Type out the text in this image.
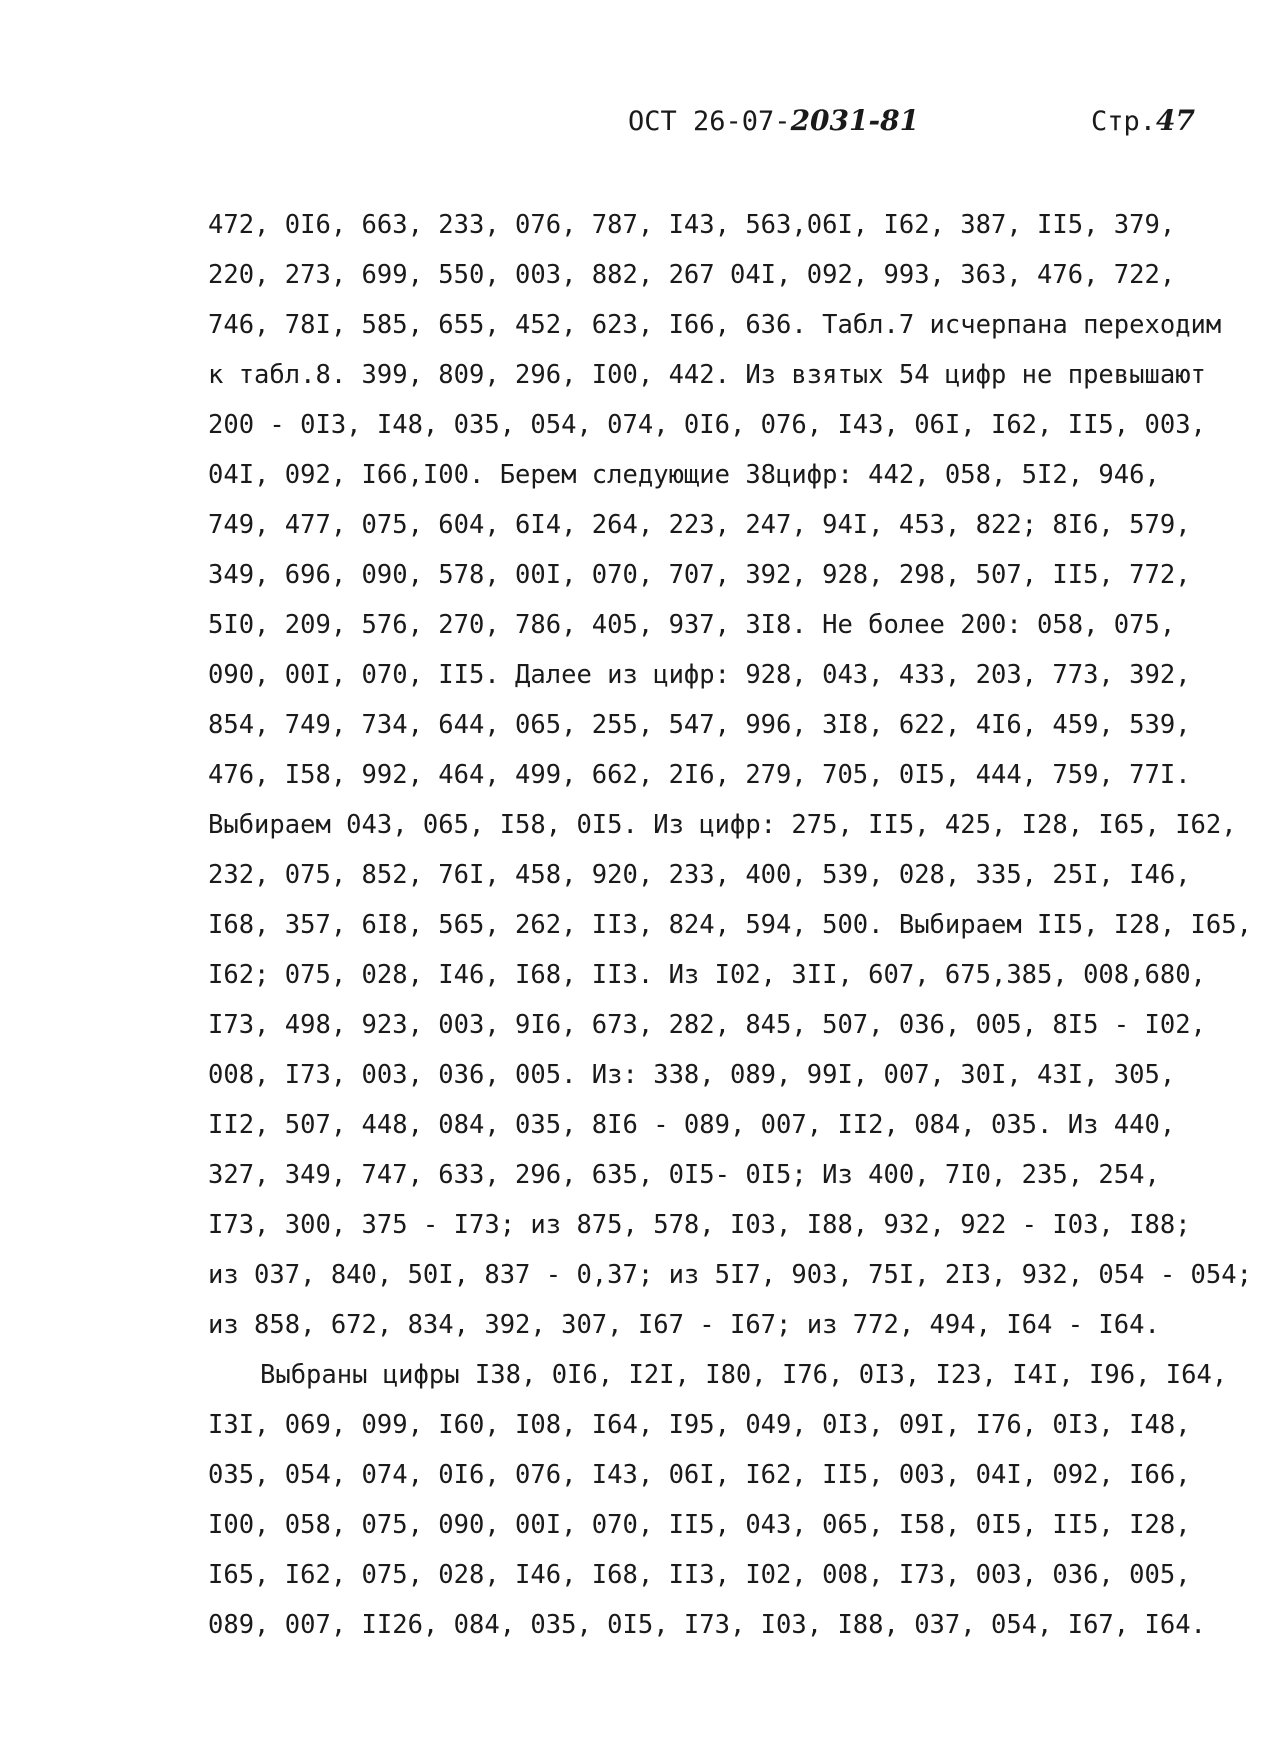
ОСТ 26-07-2031-81	Стр.47
472, 0I6, 663, 233, 076, 787, I43, 563,06I, I62, 387, II5, 379,
220, 273, 699, 550, 003, 882, 267 04I, 092, 993, 363, 476, 722,
746, 78I, 585, 655, 452, 623, I66, 636. Табл.7 исчерпана переходим
к табл.8. 399, 809, 296, I00, 442. Из взятых 54 цифр не превышают
200 - 0I3, I48, 035, 054, 074, 0I6, 076, I43, 06I, I62, II5, 003,
04I, 092, I66,I00. Берем следующие 38цифр: 442, 058, 5I2, 946,
749, 477, 075, 604, 6I4, 264, 223, 247, 94I, 453, 822; 8I6, 579,
349, 696, 090, 578, 00I, 070, 707, 392, 928, 298, 507, II5, 772,
5I0, 209, 576, 270, 786, 405, 937, 3I8. Не более 200: 058, 075,
090, 00I, 070, II5. Далее из цифр: 928, 043, 433, 203, 773, 392,
854, 749, 734, 644, 065, 255, 547, 996, 3I8, 622, 4I6, 459, 539,
476, I58, 992, 464, 499, 662, 2I6, 279, 705, 0I5, 444, 759, 77I.
Выбираем 043, 065, I58, 0I5. Из цифр: 275, II5, 425, I28, I65, I62,
232, 075, 852, 76I, 458, 920, 233, 400, 539, 028, 335, 25I, I46,
I68, 357, 6I8, 565, 262, II3, 824, 594, 500. Выбираем II5, I28, I65,
I62; 075, 028, I46, I68, II3. Из I02, 3II, 607, 675,385, 008,680,
I73, 498, 923, 003, 9I6, 673, 282, 845, 507, 036, 005, 8I5 - I02,
008, I73, 003, 036, 005. Из: 338, 089, 99I, 007, 30I, 43I, 305,
II2, 507, 448, 084, 035, 8I6 - 089, 007, II2, 084, 035. Из 440,
327, 349, 747, 633, 296, 635, 0I5- 0I5; Из 400, 7I0, 235, 254,
I73, 300, 375 - I73; из 875, 578, I03, I88, 932, 922 - I03, I88;
из 037, 840, 50I, 837 - 0,37; из 5I7, 903, 75I, 2I3, 932, 054 - 054;
из 858, 672, 834, 392, 307, I67 - I67; из 772, 494, I64 - I64.
Выбраны цифры I38, 0I6, I2I, I80, I76, 0I3, I23, I4I, I96, I64,
I3I, 069, 099, I60, I08, I64, I95, 049, 0I3, 09I, I76, 0I3, I48,
035, 054, 074, 0I6, 076, I43, 06I, I62, II5, 003, 04I, 092, I66,
I00, 058, 075, 090, 00I, 070, II5, 043, 065, I58, 0I5, II5, I28,
I65, I62, 075, 028, I46, I68, II3, I02, 008, I73, 003, 036, 005,
089, 007, II26, 084, 035, 0I5, I73, I03, I88, 037, 054, I67, I64.
